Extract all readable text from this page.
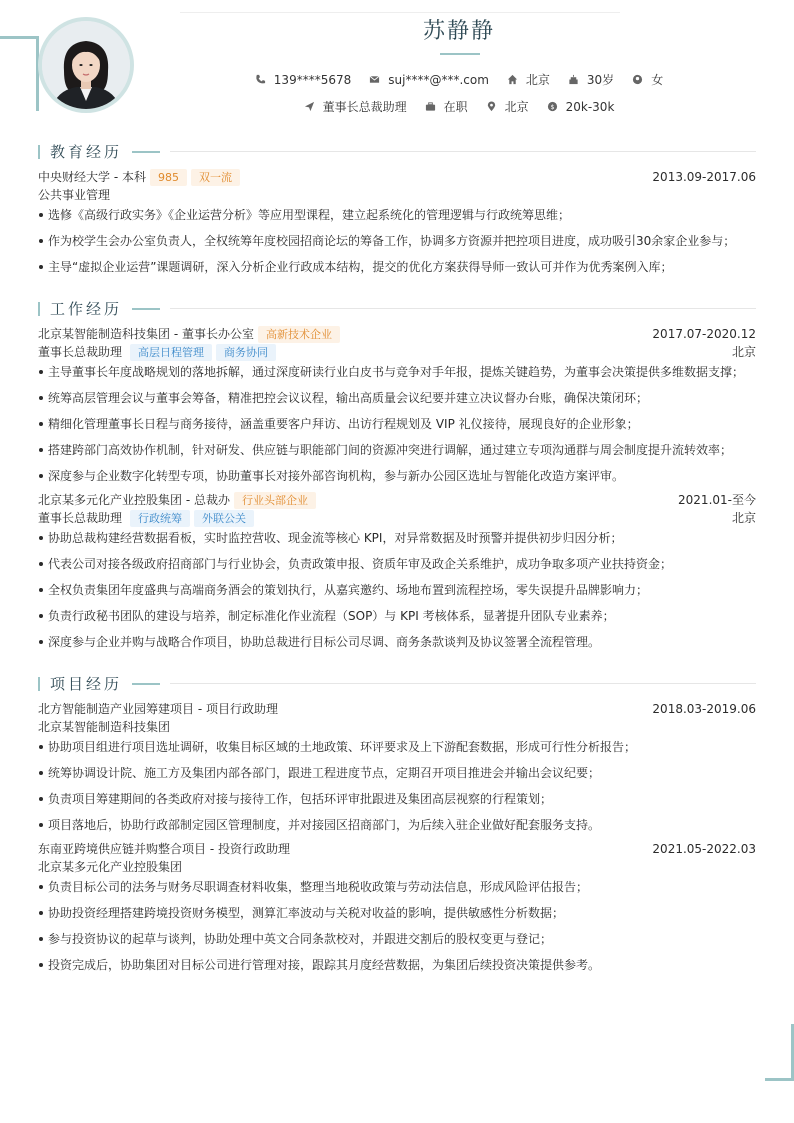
苏静静
139****5678	suj****@***.com	北京	30岁	女
董事长总裁助理	在职	北京	$ 20k-30k
教育经历
中央财经大学 - 本科	985	双一流	2013.09-2017.06
公共事业管理
选修《高级行政实务》《企业运营分析》等应用型课程，建立起系统化的管理逻辑与行政统筹思维；
作为校学生会办公室负责人，全权统筹年度校园招商论坛的筹备工作，协调多方资源并把控项目进度，成功吸引30余家企业参与；
主导“虚拟企业运营”课题调研，深入分析企业行政成本结构，提交的优化方案获得导师一致认可并作为优秀案例入库；
工作经历
北京某智能制造科技集团 - 董事长办公室	高新技术企业	2017.07-2020.12
董事长总裁助理	高层日程管理	商务协同	北京
主导董事长年度战略规划的落地拆解，通过深度研读行业白皮书与竞争对手年报，提炼关键趋势，为董事会决策提供多维数据支撑；
统筹高层管理会议与董事会筹备，精准把控会议议程，输出高质量会议纪要并建立决议督办台账，确保决策闭环；
精细化管理董事长日程与商务接待，涵盖重要客户拜访、出访行程规划及 VIP 礼仪接待，展现良好的企业形象；
搭建跨部门高效协作机制，针对研发、供应链与职能部门间的资源冲突进行调解，通过建立专项沟通群与周会制度提升流转效率；
深度参与企业数字化转型专项，协助董事长对接外部咨询机构，参与新办公园区选址与智能化改造方案评审。
北京某多元化产业控股集团 - 总裁办	行业头部企业	2021.01-至今
董事长总裁助理	行政统筹	外联公关	北京
协助总裁构建经营数据看板，实时监控营收、现金流等核心 KPI，对异常数据及时预警并提供初步归因分析；
代表公司对接各级政府招商部门与行业协会，负责政策申报、资质年审及政企关系维护，成功争取多项产业扶持资金；
全权负责集团年度盛典与高端商务酒会的策划执行，从嘉宾邀约、场地布置到流程控场，零失误提升品牌影响力；
负责行政秘书团队的建设与培养，制定标准化作业流程（SOP）与 KPI 考核体系，显著提升团队专业素养；
深度参与企业并购与战略合作项目，协助总裁进行目标公司尽调、商务条款谈判及协议签署全流程管理。
项目经历
北方智能制造产业园筹建项目 - 项目行政助理	2018.03-2019.06
北京某智能制造科技集团
协助项目组进行项目选址调研，收集目标区域的土地政策、环评要求及上下游配套数据，形成可行性分析报告；
统筹协调设计院、施工方及集团内部各部门，跟进工程进度节点，定期召开项目推进会并输出会议纪要；
负责项目筹建期间的各类政府对接与接待工作，包括环评审批跟进及集团高层视察的行程策划；
项目落地后，协助行政部制定园区管理制度，并对接园区招商部门，为后续入驻企业做好配套服务支持。
东南亚跨境供应链并购整合项目 - 投资行政助理	2021.05-2022.03
北京某多元化产业控股集团
负责目标公司的法务与财务尽职调查材料收集，整理当地税收政策与劳动法信息，形成风险评估报告；
协助投资经理搭建跨境投资财务模型，测算汇率波动与关税对收益的影响，提供敏感性分析数据；
参与投资协议的起草与谈判，协助处理中英文合同条款校对，并跟进交割后的股权变更与登记；
投资完成后，协助集团对目标公司进行管理对接，跟踪其月度经营数据，为集团后续投资决策提供参考。
